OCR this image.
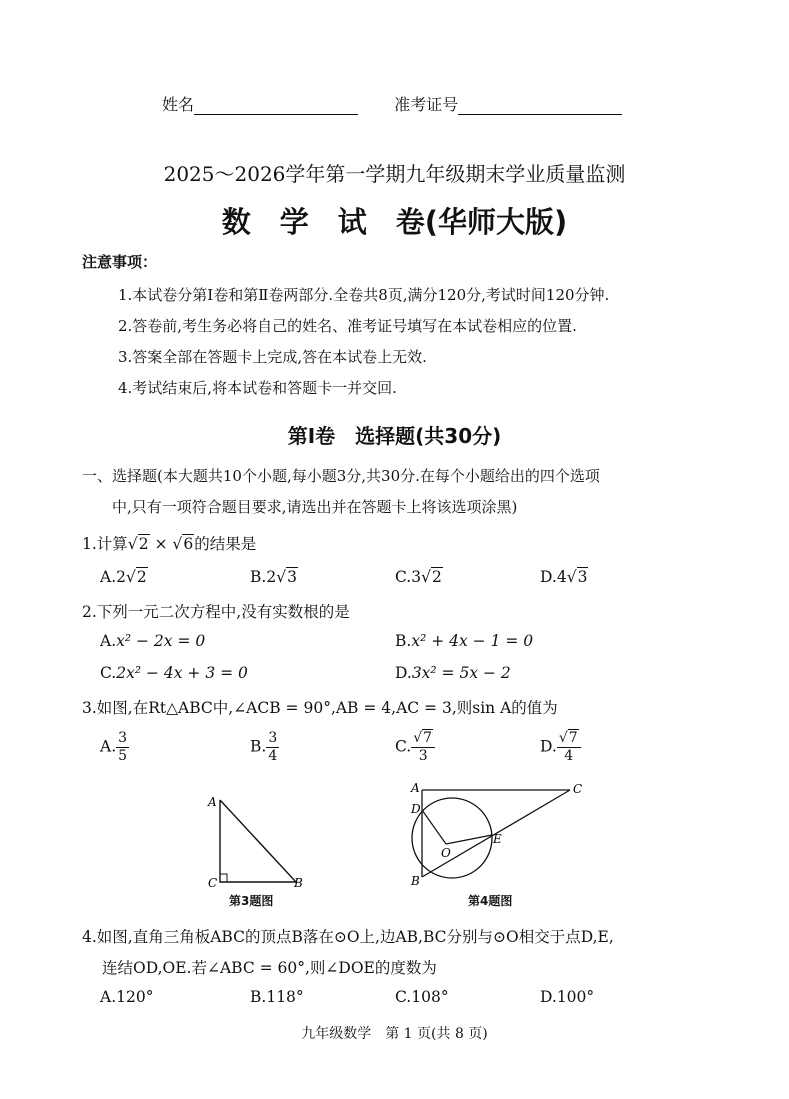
姓名	准考证号
2025～2026学年第一学期九年级期末学业质量监测
数　学　试　卷(华师大版)
注意事项：
1.本试卷分第Ⅰ卷和第Ⅱ卷两部分.全卷共8页,满分120分,考试时间120分钟.
2.答卷前,考生务必将自己的姓名、准考证号填写在本试卷相应的位置.
3.答案全部在答题卡上完成,答在本试卷上无效.
4.考试结束后,将本试卷和答题卡一并交回.
第Ⅰ卷　选择题(共30分)
一、选择题(本大题共10个小题,每小题3分,共30分.在每个小题给出的四个选项
中,只有一项符合题目要求,请选出并在答题卡上将该选项涂黑)
1.计算√2 × √6的结果是
A.2√2	B.2√3	C.3√2	D.4√3
2.下列一元二次方程中,没有实数根的是
A.x² − 2x = 0	B.x² + 4x − 1 = 0
C.2x² − 4x + 3 = 0	D.3x² = 5x − 2
3.如图,在Rt△ABC中,∠ACB = 90°,AB = 4,AC = 3,则sin A的值为
A. $\frac{3}{5}$	B. $\frac{3}{4}$	C. $\frac{√7}{3}$	D. $\frac{√7}{4}$
A
C	B
第3题图
A
D
B
C
O
E
第4题图
4.如图,直角三角板ABC的顶点B落在⊙O上,边AB,BC分别与⊙O相交于点D,E,
连结OD,OE.若∠ABC = 60°,则∠DOE的度数为
A.120°	B.118°	C.108°	D.100°
九年级数学　第 1 页(共 8 页)
